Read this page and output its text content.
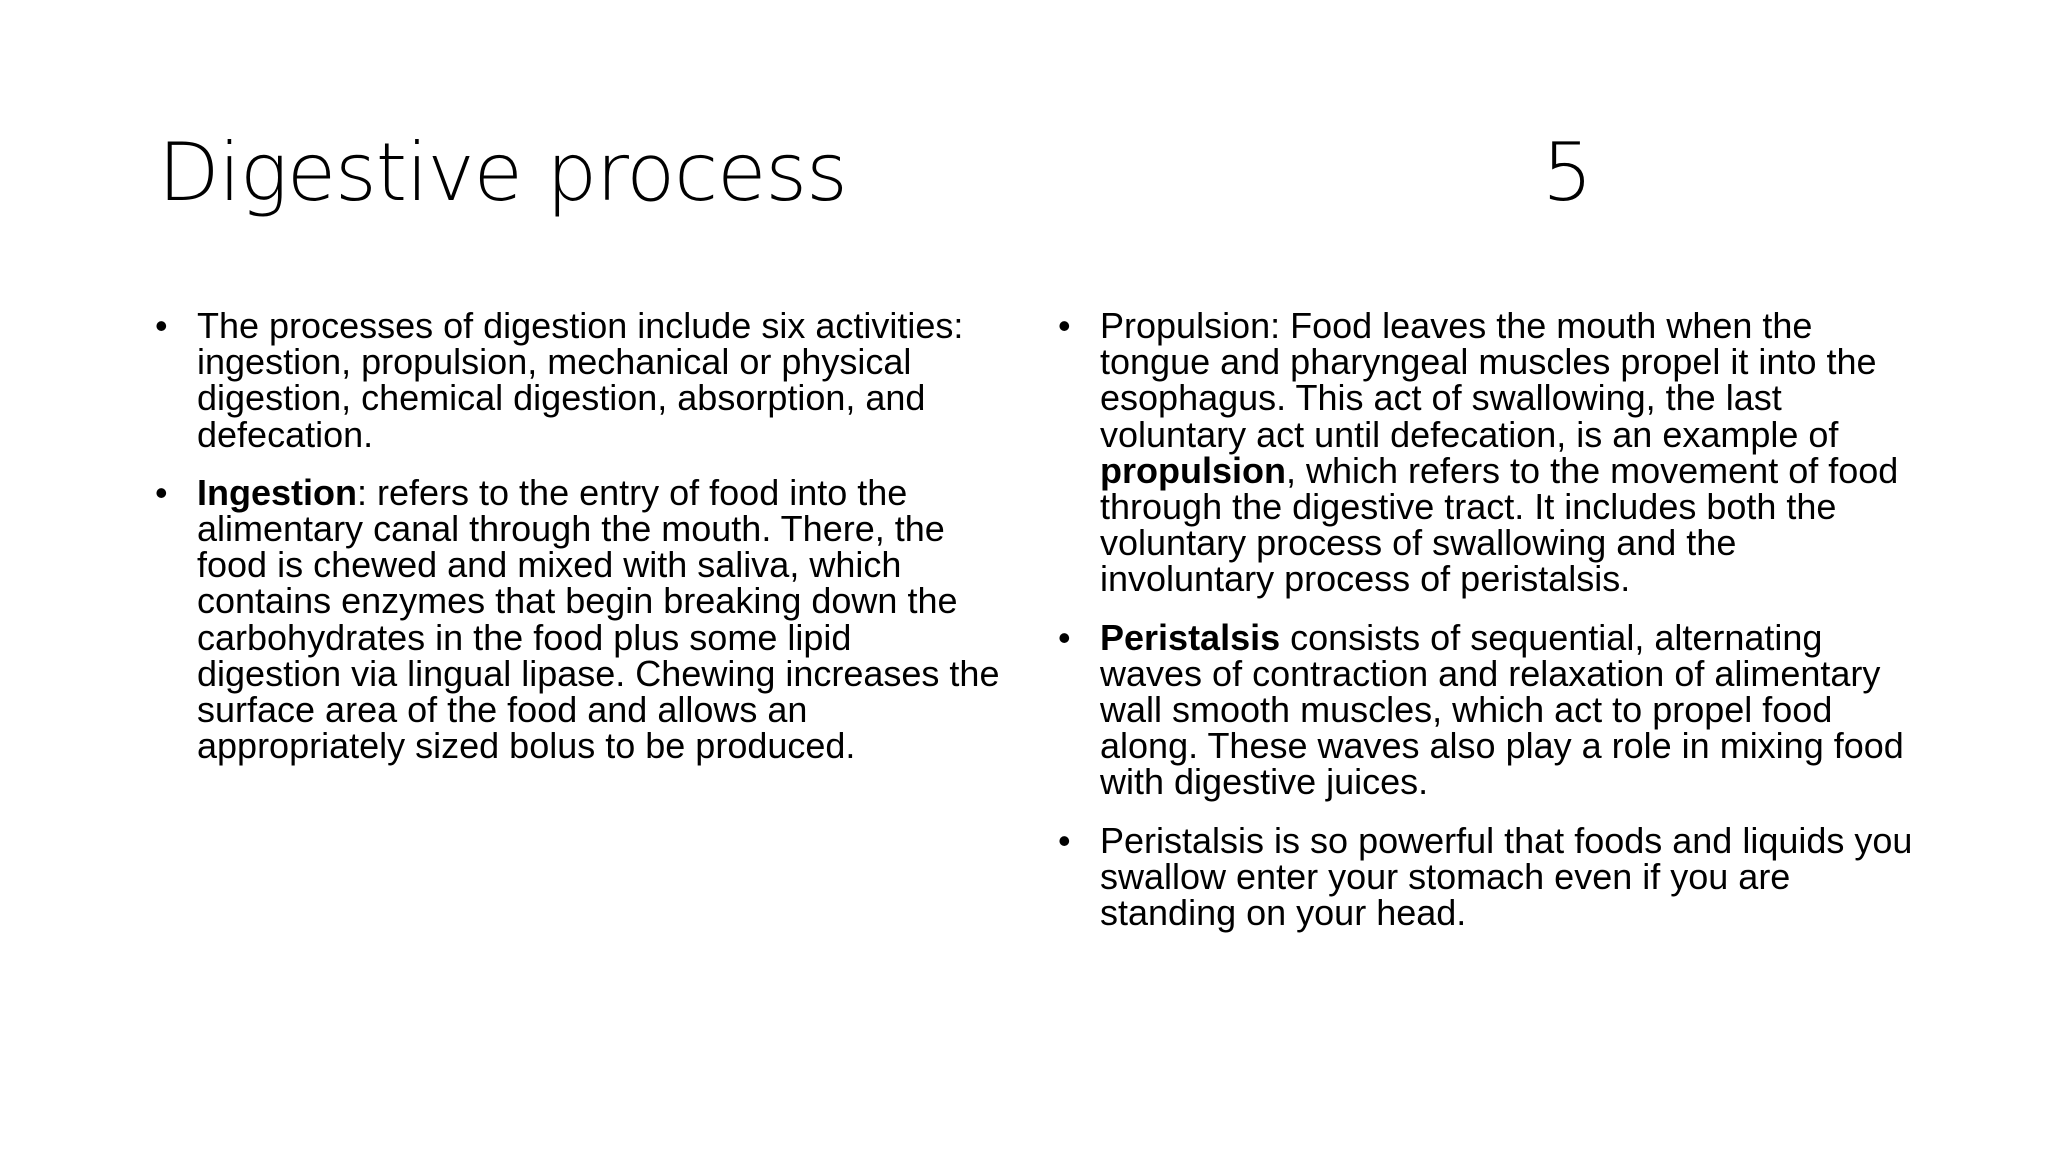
Digestive process	5
• The processes of digestion include six activities: ingestion, propulsion, mechanical or physical digestion, chemical digestion, absorption, and defecation.
• Ingestion: refers to the entry of food into the alimentary canal through the mouth. There, the food is chewed and mixed with saliva, which contains enzymes that begin breaking down the carbohydrates in the food plus some lipid digestion via lingual lipase. Chewing increases the surface area of the food and allows an appropriately sized bolus to be produced.
• Propulsion: Food leaves the mouth when the tongue and pharyngeal muscles propel it into the esophagus. This act of swallowing, the last voluntary act until defecation, is an example of propulsion, which refers to the movement of food through the digestive tract. It includes both the voluntary process of swallowing and the involuntary process of peristalsis.
• Peristalsis consists of sequential, alternating waves of contraction and relaxation of alimentary wall smooth muscles, which act to propel food along. These waves also play a role in mixing food with digestive juices.
• Peristalsis is so powerful that foods and liquids you swallow enter your stomach even if you are standing on your head.
